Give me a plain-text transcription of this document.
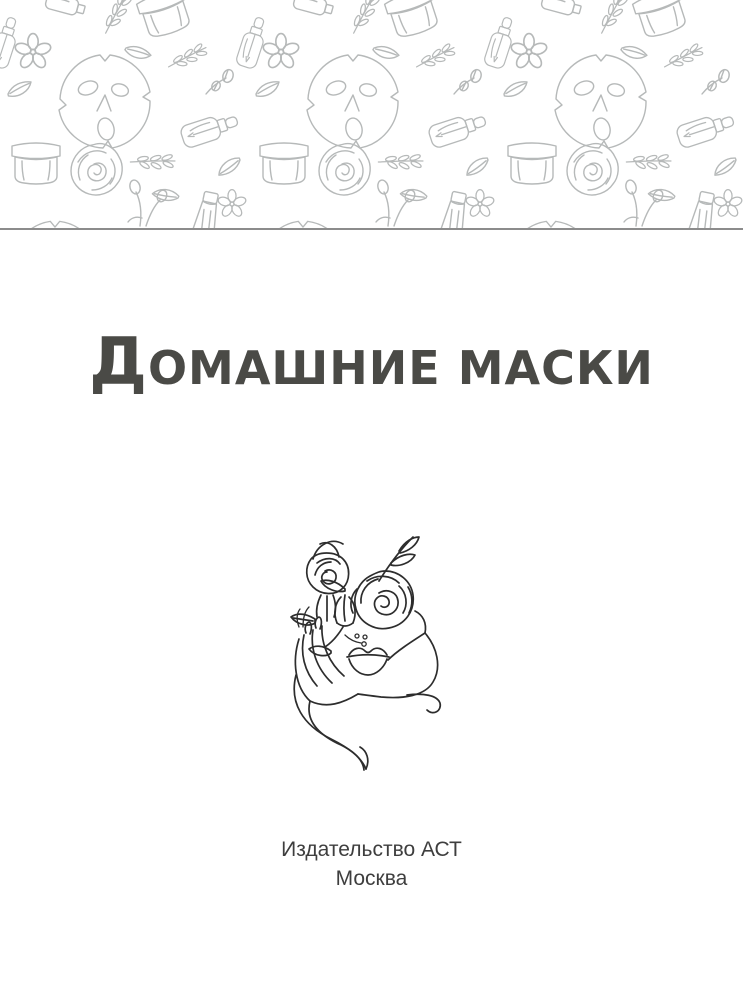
ДОМАШНИЕ МАСКИ
Издательство АСТ
Москва
